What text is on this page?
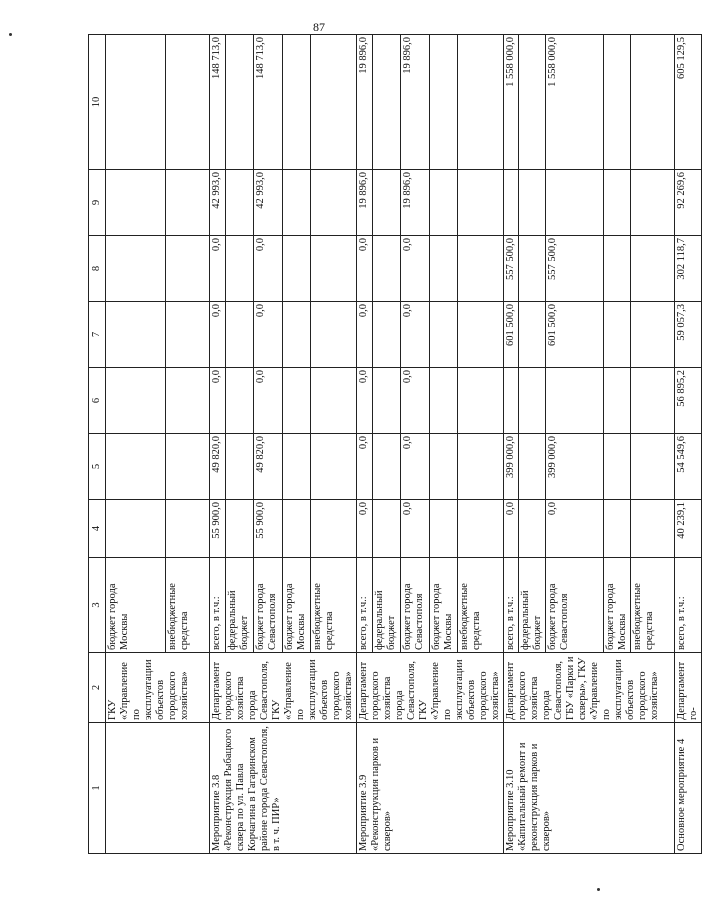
87
1	2	3	4	5	6	7	8	9	10
	ГКУ «Управление по эксплуатации объектов городского хозяйства»	бюджет города Москвы							
		внебюджетные средства							
Мероприятие 3.8 «Реконструкция Рыбацкого сквера по ул. Павла Корчагина в Гагаринском районе города Севастополя, в т. ч. ПИР»	Департамент городского хозяйства города Севастополя, ГКУ «Управление по эксплуатации объектов городского хозяйства»	всего, в т.ч.:	55 900,0	49 820,0	0,0	0,0	0,0	42 993,0	148 713,0
		федеральный бюджет							
		бюджет города Севастополя	55 900,0	49 820,0	0,0	0,0	0,0	42 993,0	148 713,0
		бюджет города Москвы							
		внебюджетные средства							
Мероприятие 3.9 «Реконструкция парков и скверов»	Департамент городского хозяйства города Севастополя, ГКУ «Управление по эксплуатации объектов городского хозяйства»	всего, в т.ч.:	0,0	0,0	0,0	0,0	0,0	19 896,0	19 896,0
		федеральный бюджет							
		бюджет города Севастополя	0,0	0,0	0,0	0,0	0,0	19 896,0	19 896,0
		бюджет города Москвы							
		внебюджетные средства							
Мероприятие 3.10 «Капитальный ремонт и реконструкция парков и скверов»	Департамент городского хозяйства города Севастополя, ГБУ «Парки и скверы», ГКУ «Управление по эксплуатации объектов городского хозяйства»	всего, в т.ч.:	0,0	399 000,0		601 500,0	557 500,0		1 558 000,0
		федеральный бюджет							
		бюджет города Севастополя	0,0	399 000,0		601 500,0	557 500,0		1 558 000,0
		бюджет города Москвы							
		внебюджетные средства							
Основное мероприятие 4	Департамент го-	всего, в т.ч.:	40 239,1	54 549,6	56 895,2	59 057,3	302 118,7	92 269,6	605 129,5
